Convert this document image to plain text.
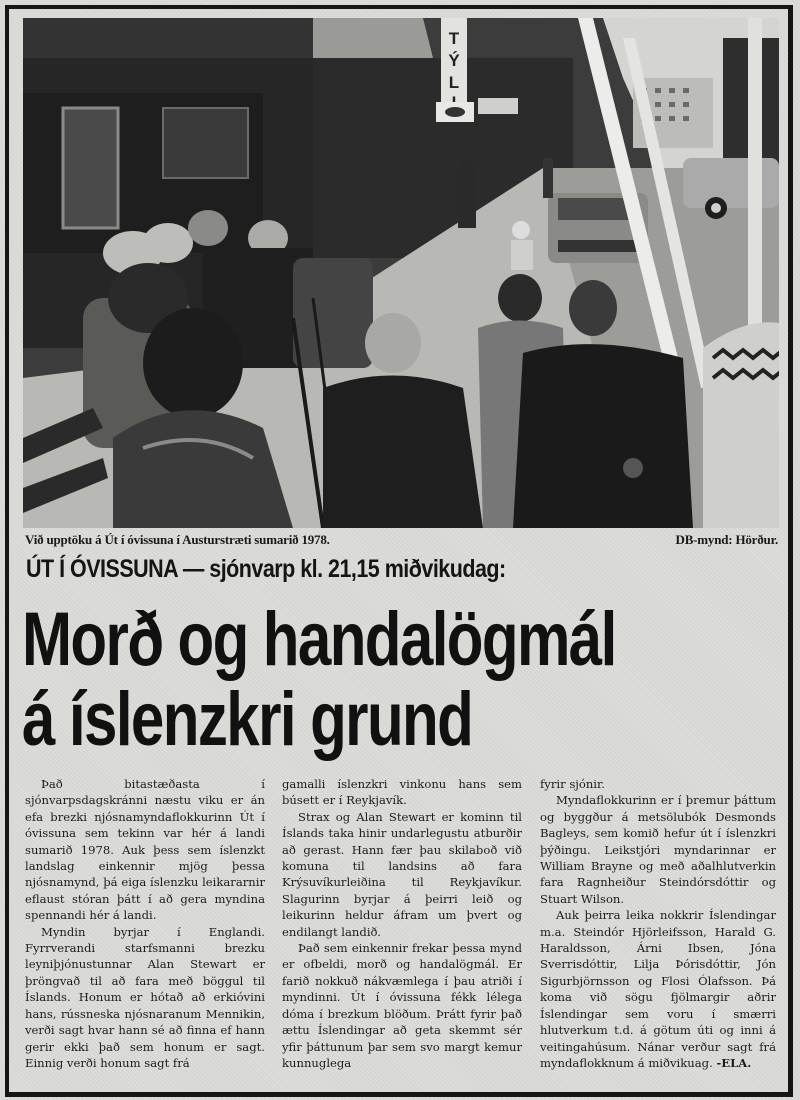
T
Ý
L
Við upptöku á Út í óvissuna í Austurstræti sumarið 1978.	DB-mynd: Hörður.
ÚT Í ÓVISSUNA — sjónvarp kl. 21,15 miðvikudag:
Morð og handalögmál
á íslenzkri grund

Það bitastæðasta í sjónvarpsdagskránni næstu viku er án efa brezki njósnamyndaflokkurinn Út í óvissuna sem tekinn var hér á landi sumarið 1978. Auk þess sem íslenzkt landslag einkennir mjög þessa njósnamynd, þá eiga íslenzku leikararnir eflaust stóran þátt í að gera myndina spennandi hér á landi.

Myndin byrjar í Englandi. Fyrrverandi starfsmanni brezku leyniþjónustunnar Alan Stewart er þröngvað til að fara með böggul til Íslands. Honum er hótað að erkióvini hans, rússneska njósnaranum Mennikin, verði sagt hvar hann sé að finna ef hann gerir ekki það sem honum er sagt. Einnig verði honum sagt frá

gamalli íslenzkri vinkonu hans sem búsett er í Reykjavík.

Strax og Alan Stewart er kominn til Íslands taka hinir undarlegustu atburðir að gerast. Hann fær þau skilaboð við komuna til landsins að fara Krýsuvíkurleiðina til Reykjavíkur. Slagurinn byrjar á þeirri leið og leikurinn heldur áfram um þvert og endilangt landið.

Það sem einkennir frekar þessa mynd er ofbeldi, morð og handalögmál. Er farið nokkuð nákvæmlega í þau atriði í myndinni. Út í óvissuna fékk lélega dóma í brezkum blöðum. Þrátt fyrir það ættu Íslendingar að geta skemmt sér yfir þáttunum þar sem svo margt kemur kunnuglega

fyrir sjónir.

Myndaflokkurinn er í þremur þáttum og byggður á metsölubók Desmonds Bagleys, sem komið hefur út í íslenzkri þýðingu. Leikstjóri myndarinnar er William Brayne og með aðalhlutverkin fara Ragnheiður Steindórsdóttir og Stuart Wilson.

Auk þeirra leika nokkrir Íslendingar m.a. Steindór Hjörleifsson, Harald G. Haraldsson, Árni Ibsen, Jóna Sverrisdóttir, Lilja Þórisdóttir, Jón Sigurbjörnsson og Flosi Ólafsson. Þá koma við sögu fjölmargir aðrir Íslendingar sem voru í smærri hlutverkum t.d. á götum úti og inni á veitingahúsum. Nánar verður sagt frá myndaflokknum á miðvikuag. -ELA.
